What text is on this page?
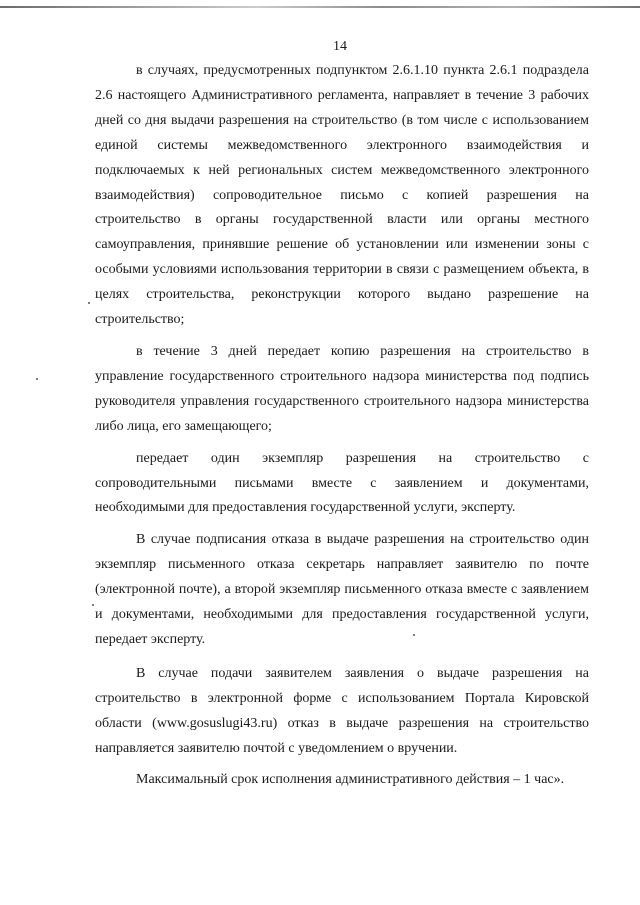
14

в случаях, предусмотренных подпунктом 2.6.1.10 пункта 2.6.1 подраздела 2.6 настоящего Административного регламента, направляет в течение 3 рабочих дней со дня выдачи разрешения на строительство (в том числе с использованием единой системы межведомственного электронного взаимодействия и подключаемых к ней региональных систем межведомственного электронного взаимодействия) сопроводительное письмо с копией разрешения на строительство в органы государственной власти или органы местного самоуправления, принявшие решение об установлении или изменении зоны с особыми условиями использования территории в связи с размещением объекта, в целях строительства, реконструкции которого выдано разрешение на строительство;

в течение 3 дней передает копию разрешения на строительство в управление государственного строительного надзора министерства под подпись руководителя управления государственного строительного надзора министерства либо лица, его замещающего;

передает один экземпляр разрешения на строительство с сопроводительными письмами вместе с заявлением и документами, необходимыми для предоставления государственной услуги, эксперту.

В случае подписания отказа в выдаче разрешения на строительство один экземпляр письменного отказа секретарь направляет заявителю по почте (электронной почте), а второй экземпляр письменного отказа вместе с заявлением и документами, необходимыми для предоставления государственной услуги, передает эксперту.

В случае подачи заявителем заявления о выдаче разрешения на строительство в электронной форме с использованием Портала Кировской области (www.gosuslugi43.ru) отказ в выдаче разрешения на строительство направляется заявителю почтой с уведомлением о вручении.

Максимальный срок исполнения административного действия – 1 час».
